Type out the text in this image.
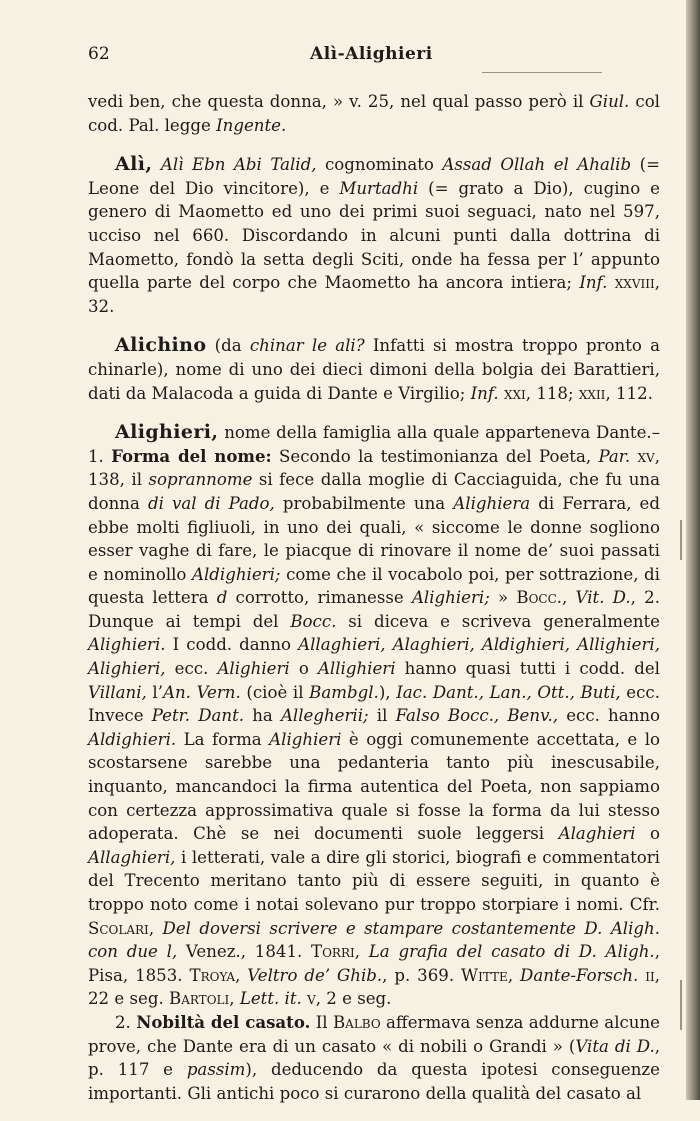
62	Alì-Alighieri

vedi ben, che questa donna, » v. 25, nel qual passo però il Giul. col cod. Pal. legge Ingente.

Alì, Alì Ebn Abi Talid, cognominato Assad Ollah el Ahalib (= Leone del Dio vincitore), e Murtadhi (= grato a Dio), cugino e genero di Maometto ed uno dei primi suoi seguaci, nato nel 597, ucciso nel 660. Discordando in alcuni punti dalla dottrina di Maometto, fondò la setta degli Sciti, onde ha fessa per l’ appunto quella parte del corpo che Maometto ha ancora intiera; Inf. xxviii, 32.

Alichino (da chinar le ali? Infatti si mostra troppo pronto a chinarle), nome di uno dei dieci dimoni della bolgia dei Barattieri, dati da Malacoda a guida di Dante e Virgilio; Inf. xxi, 118; xxii, 112.

Alighieri, nome della famiglia alla quale apparteneva Dante.– 1. Forma del nome: Secondo la testimonianza del Poeta, Par. xv, 138, il soprannome si fece dalla moglie di Cacciaguida, che fu una donna di val di Pado, probabilmente una Alighiera di Ferrara, ed ebbe molti figliuoli, in uno dei quali, « siccome le donne sogliono esser vaghe di fare, le piacque di rinovare il nome de’ suoi passati e nominollo Aldighieri; come che il vocabolo poi, per sottrazione, di questa lettera d corrotto, rimanesse Alighieri; » Bocc., Vit. D., 2. Dunque ai tempi del Bocc. si diceva e scriveva generalmente Alighieri. I codd. danno Allaghieri, Alaghieri, Aldighieri, Allighieri, Alighieri, ecc. Alighieri o Allighieri hanno quasi tutti i codd. del Villani, l’An. Vern. (cioè il Bambgl.), Iac. Dant., Lan., Ott., Buti, ecc. Invece Petr. Dant. ha Allegherii; il Falso Bocc., Benv., ecc. hanno Aldighieri. La forma Alighieri è oggi comunemente accettata, e lo scostarsene sarebbe una pedanteria tanto più inescusabile, inquanto, mancandoci la firma autentica del Poeta, non sappiamo con certezza approssimativa quale si fosse la forma da lui stesso adoperata. Chè se nei documenti suole leggersi Alaghieri o Allaghieri, i letterati, vale a dire gli storici, biografi e commentatori del Trecento meritano tanto più di essere seguiti, in quanto è troppo noto come i notai solevano pur troppo storpiare i nomi. Cfr. Scolari, Del doversi scrivere e stampare costantemente D. Aligh. con due l, Venez., 1841. Torri, La grafia del casato di D. Aligh., Pisa, 1853. Troya, Veltro de’ Ghib., p. 369. Witte, Dante-Forsch. ii, 22 e seg. Bartoli, Lett. it. v, 2 e seg.

2. Nobiltà del casato. Il Balbo affermava senza addurne alcune prove, che Dante era di un casato « di nobili o Grandi » (Vita di D., p. 117 e passim), deducendo da questa ipotesi conseguenze importanti. Gli antichi poco si curarono della qualità del casato al
